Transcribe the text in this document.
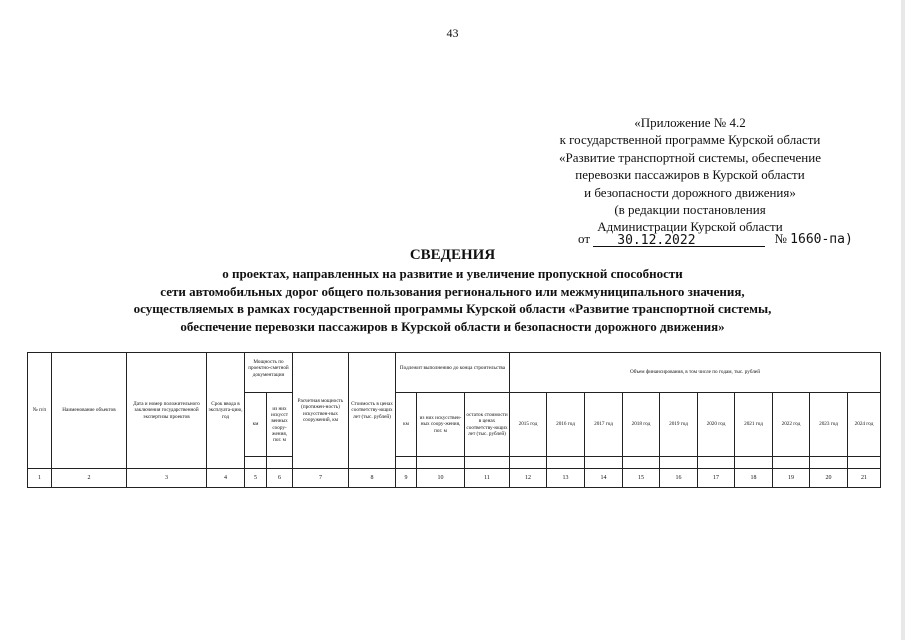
43
«Приложение № 4.2
к государственной программе Курской области
«Развитие транспортной системы, обеспечение
перевозки пассажиров в Курской области
и безопасности дорожного движения»
(в редакции постановления
Администрации Курской области
от 30.12.2022	№ 1660-па)
СВЕДЕНИЯ
о проектах, направленных на развитие и увеличение пропускной способности
сети автомобильных дорог общего пользования регионального или межмуниципального значения,
осуществляемых в рамках государственной программы Курской области «Развитие транспортной системы,
обеспечение перевозки пассажиров в Курской области и безопасности дорожного движения»
№ п/п	Наименование объектов	Дата и номер положительного заключения государственной экспертизы проектов	Срок ввода в эксплуата-цию, год	Мощность по проектно-сметной документации		Расчетная мощность (протяжен-ность) искусствен-ных сооружений, км	Стоимость в ценах соответству-ющих лет (тыс. рублей)	Подлежит выполнению до конца строительства			Объем финансирования, в том числе по годам, тыс. рублей									
				км	из них искусст венных соору-жения, пог. м			км	из них искусствен-ных соору-жения, пог. м	остаток стоимости в ценах соответству-ющих лет (тыс. рублей)	2015 год	2016 год	2017 год	2018 год	2019 год	2020 год	2021 год	2022 год	2023 год	2024 год

1	2	3	4	5	6	7	8	9	10	11	12	13	14	15	16	17	18	19	20	21
